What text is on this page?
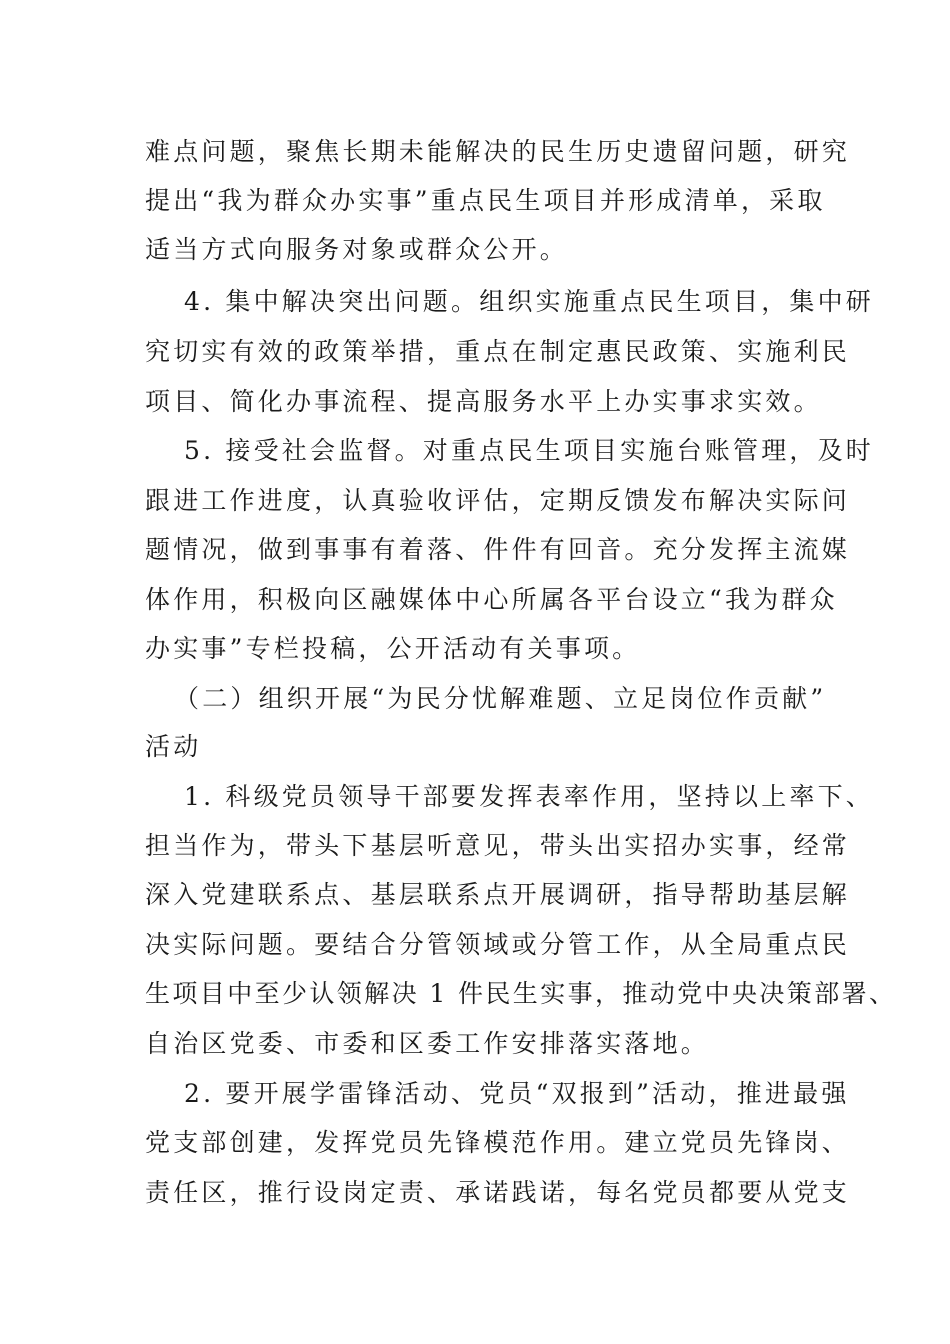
难点问题，聚焦长期未能解决的民生历史遗留问题，研究

提出“我为群众办实事”重点民生项目并形成清单，采取

适当方式向服务对象或群众公开。

4. 集中解决突出问题。组织实施重点民生项目，集中研

究切实有效的政策举措，重点在制定惠民政策、实施利民

项目、简化办事流程、提高服务水平上办实事求实效。

5. 接受社会监督。对重点民生项目实施台账管理，及时

跟进工作进度，认真验收评估，定期反馈发布解决实际问

题情况，做到事事有着落、件件有回音。充分发挥主流媒

体作用，积极向区融媒体中心所属各平台设立“我为群众

办实事”专栏投稿，公开活动有关事项。

（二）组织开展“为民分忧解难题、立足岗位作贡献”

活动

1. 科级党员领导干部要发挥表率作用，坚持以上率下、

担当作为，带头下基层听意见，带头出实招办实事，经常

深入党建联系点、基层联系点开展调研，指导帮助基层解

决实际问题。要结合分管领域或分管工作，从全局重点民

生项目中至少认领解决 1 件民生实事，推动党中央决策部署、

自治区党委、市委和区委工作安排落实落地。

2. 要开展学雷锋活动、党员“双报到”活动，推进最强

党支部创建，发挥党员先锋模范作用。建立党员先锋岗、

责任区，推行设岗定责、承诺践诺，每名党员都要从党支
